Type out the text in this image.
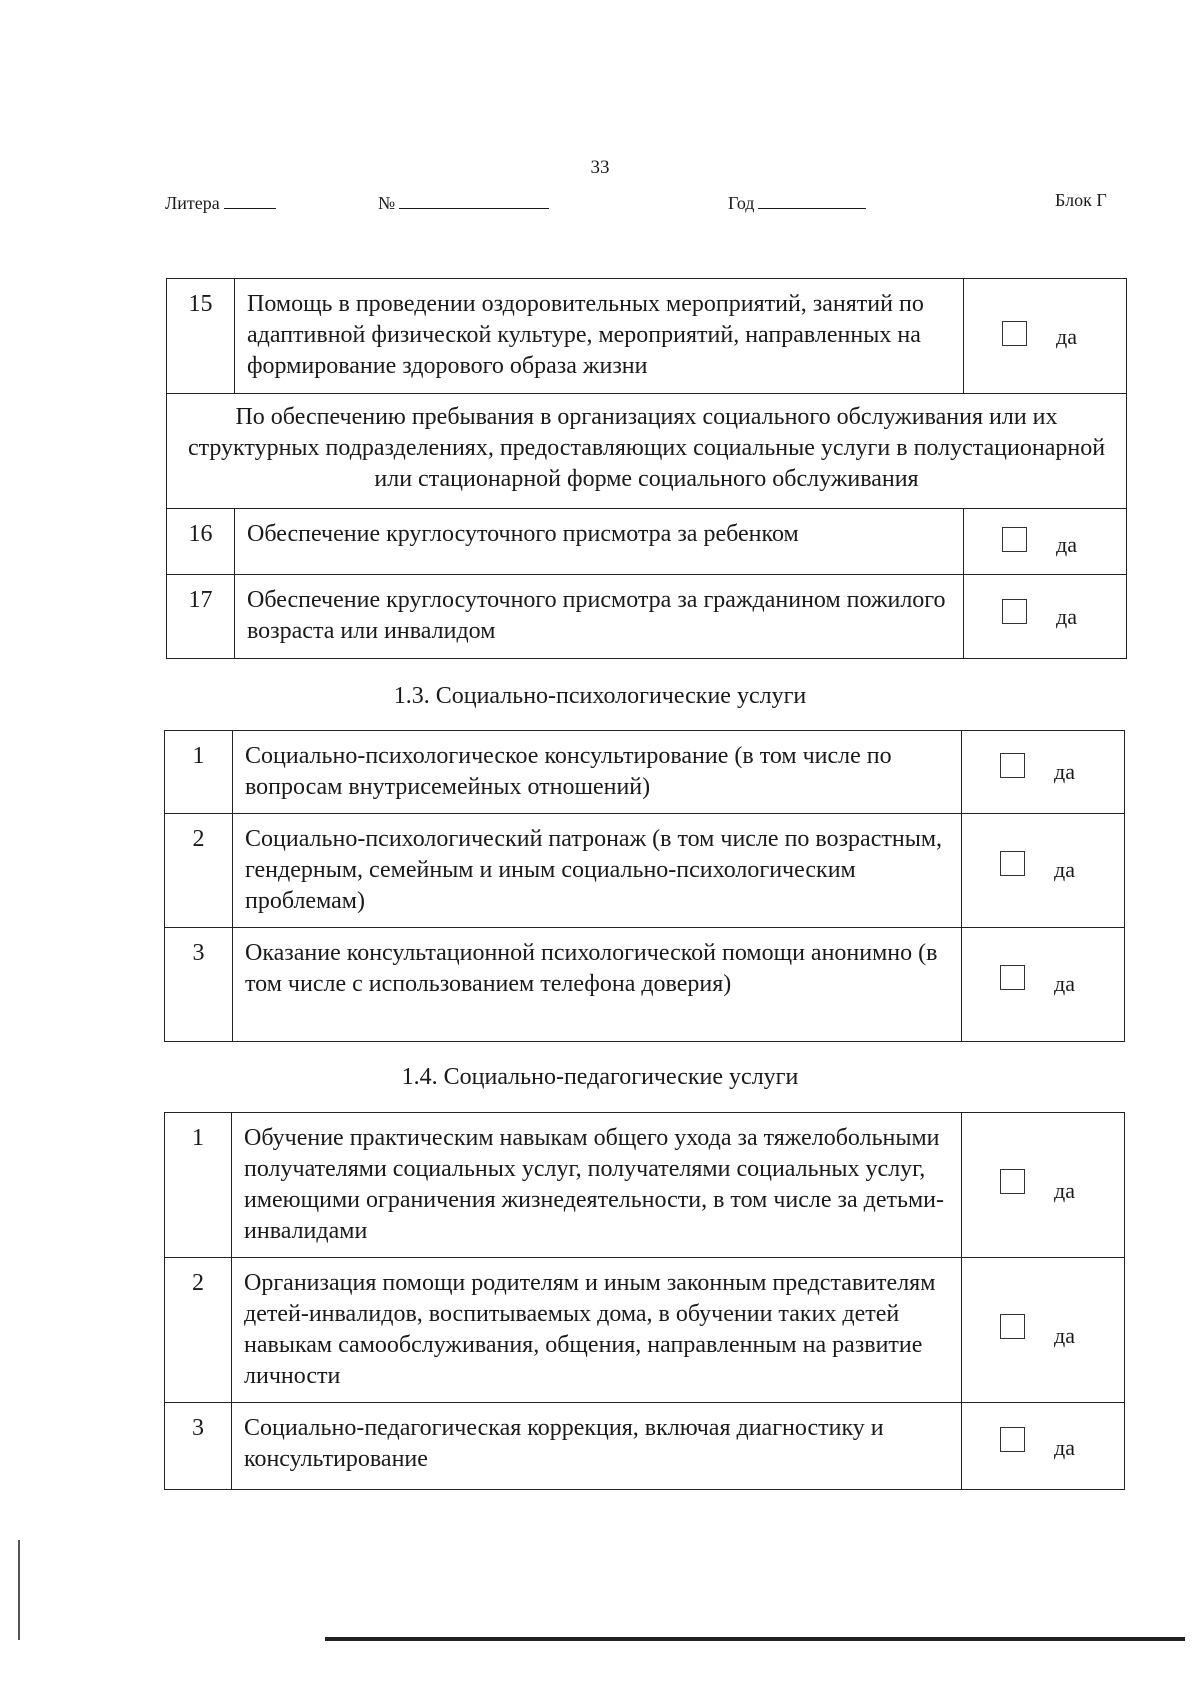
33
Литера	№	Год	Блок Г
15	Помощь в проведении оздоровительных мероприятий, занятий по адаптивной физической культуре, мероприятий, направленных на формирование здорового образа жизни	да

По обеспечению пребывания в организациях социального обслуживания или их структурных подразделениях, предоставляющих социальные услуги в полустационарной или стационарной форме социального обслуживания		
16	Обеспечение круглосуточного присмотра за ребенком	да

17	Обеспечение круглосуточного присмотра за гражданином пожилого возраста или инвалидом	да
1.3. Социально-психологические услуги
1	Социально-психологическое консультирование (в том числе по вопросам внутрисемейных отношений)	да

2	Социально-психологический патронаж (в том числе по возрастным, гендерным, семейным и иным социально-психологическим проблемам)	да

3	Оказание консультационной психологической помощи анонимно (в том числе с использованием телефона доверия)	да
1.4. Социально-педагогические услуги
1	Обучение практическим навыкам общего ухода за тяжелобольными получателями социальных услуг, получателями социальных услуг, имеющими ограничения жизнедеятельности, в том числе за детьми-инвалидами	да

2	Организация помощи родителям и иным законным представителям детей-инвалидов, воспитываемых дома, в обучении таких детей навыкам самообслуживания, общения, направленным на развитие личности	да

3	Социально-педагогическая коррекция, включая диагностику и консультирование	да
